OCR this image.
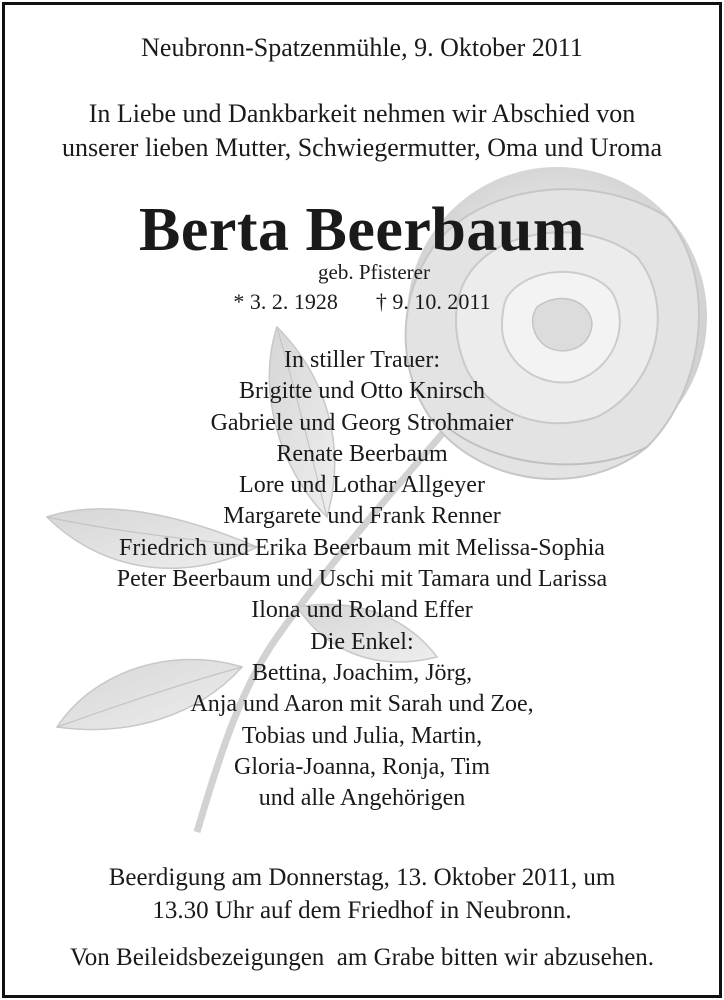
Neubronn-Spatzenmühle, 9. Oktober 2011
In Liebe und Dankbarkeit nehmen wir Abschied von
unserer lieben Mutter, Schwiegermutter, Oma und Uroma
Berta Beerbaum
geb. Pfisterer
* 3. 2. 1928 † 9. 10. 2011
In stiller Trauer:
Brigitte und Otto Knirsch
Gabriele und Georg Strohmaier
Renate Beerbaum
Lore und Lothar Allgeyer
Margarete und Frank Renner
Friedrich und Erika Beerbaum mit Melissa-Sophia
Peter Beerbaum und Uschi mit Tamara und Larissa
Ilona und Roland Effer
Die Enkel:
Bettina, Joachim, Jörg,
Anja und Aaron mit Sarah und Zoe,
Tobias und Julia, Martin,
Gloria-Joanna, Ronja, Tim
und alle Angehörigen
Beerdigung am Donnerstag, 13. Oktober 2011, um
13.30 Uhr auf dem Friedhof in Neubronn.
Von Beileidsbezeigungen  am Grabe bitten wir abzusehen.
